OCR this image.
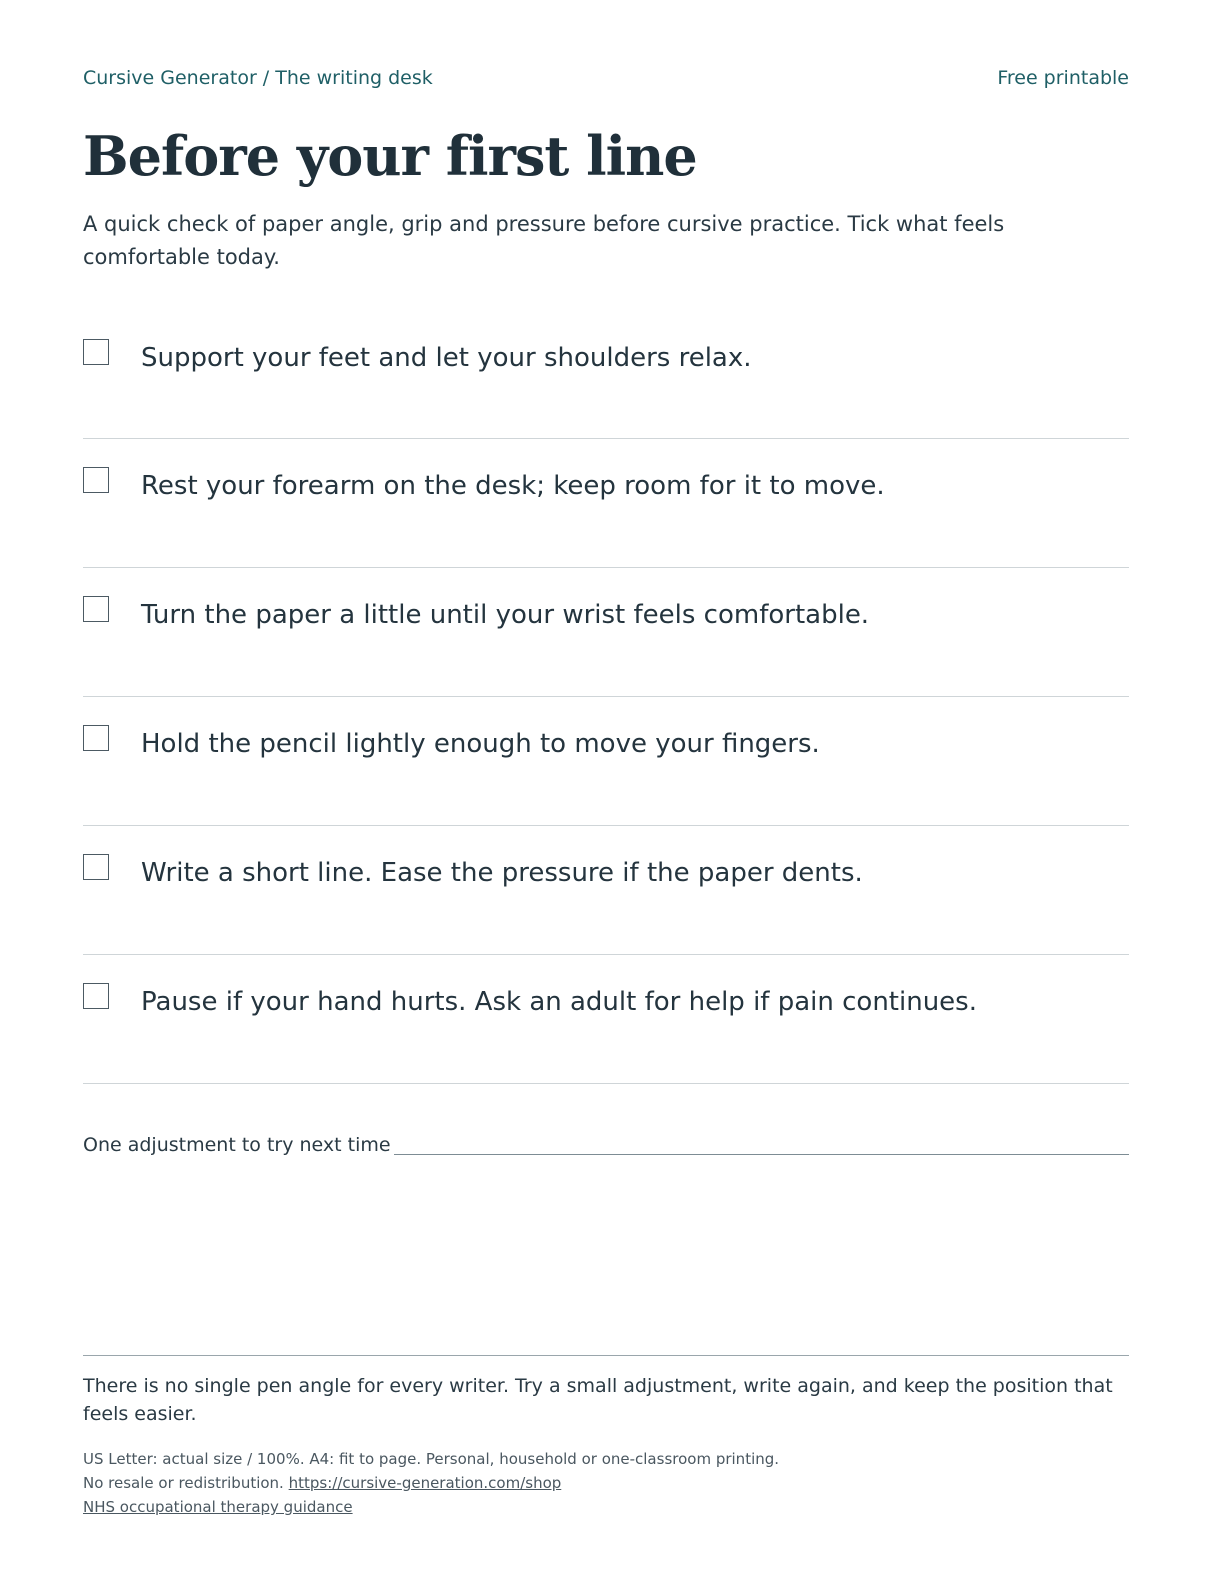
Cursive Generator / The writing desk	Free printable
Before your first line

A quick check of paper angle, grip and pressure before cursive practice. Tick what feels comfortable today.

Support your feet and let your shoulders relax.
Rest your forearm on the desk; keep room for it to move.
Turn the paper a little until your wrist feels comfortable.
Hold the pencil lightly enough to move your fingers.
Write a short line. Ease the pressure if the paper dents.
Pause if your hand hurts. Ask an adult for help if pain continues.
One adjustment to try next time

There is no single pen angle for every writer. Try a small adjustment, write again, and keep the position that feels easier.

US Letter: actual size / 100%. A4: fit to page. Personal, household or one-classroom printing.
No resale or redistribution. https://cursive-generation.com/shop
NHS occupational therapy guidance
